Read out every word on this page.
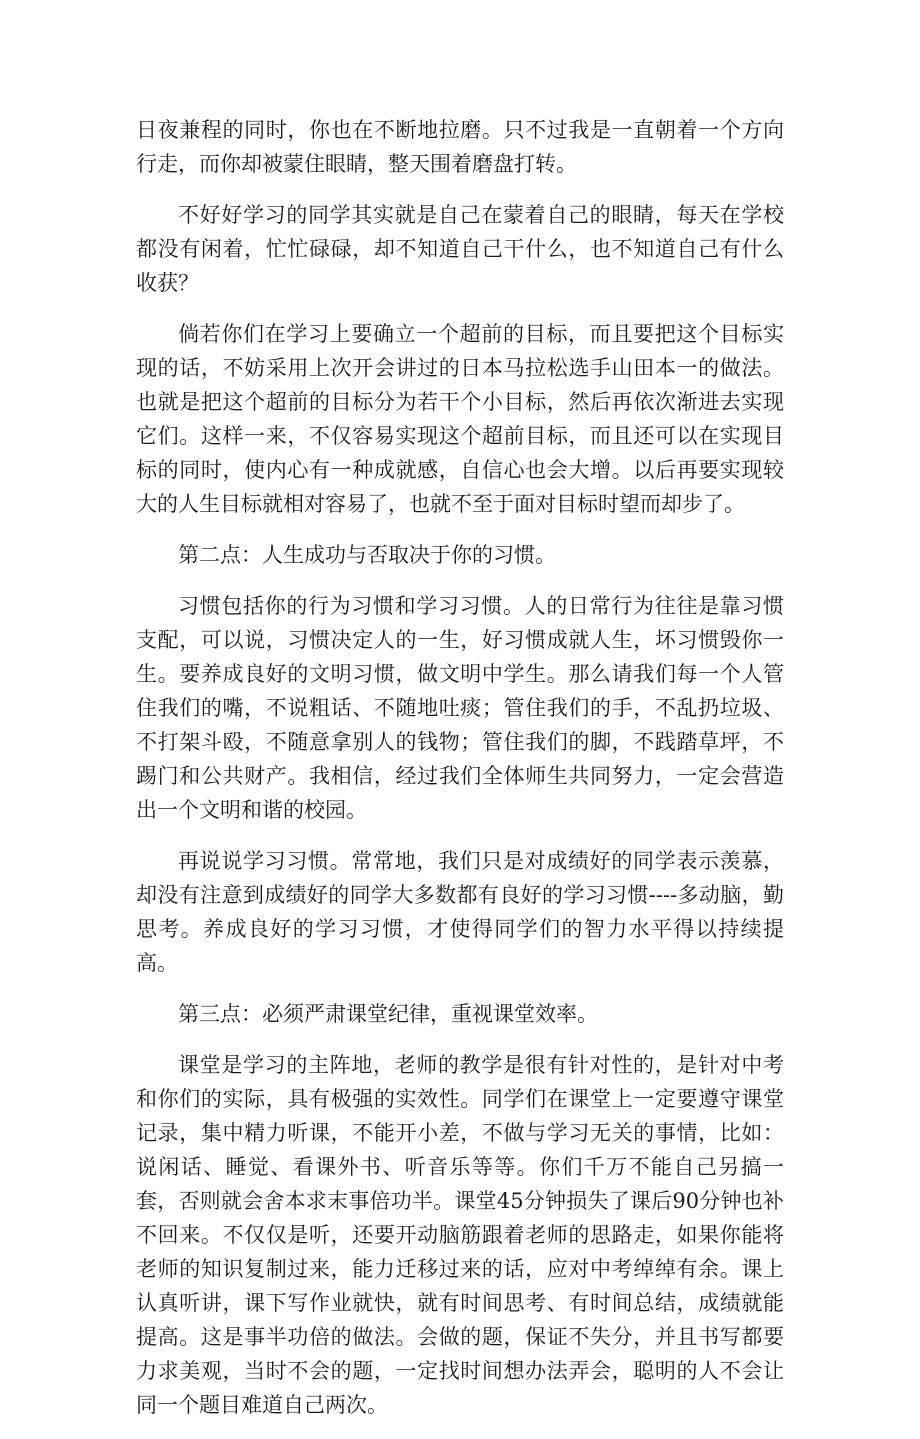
日夜兼程的同时，你也在不断地拉磨。只不过我是一直朝着一个方向行走，而你却被蒙住眼睛，整天围着磨盘打转。

不好好学习的同学其实就是自己在蒙着自己的眼睛，每天在学校都没有闲着，忙忙碌碌，却不知道自己干什么，也不知道自己有什么收获？

倘若你们在学习上要确立一个超前的目标，而且要把这个目标实现的话，不妨采用上次开会讲过的日本马拉松选手山田本一的做法。也就是把这个超前的目标分为若干个小目标，然后再依次渐进去实现它们。这样一来，不仅容易实现这个超前目标，而且还可以在实现目标的同时，使内心有一种成就感，自信心也会大增。以后再要实现较大的人生目标就相对容易了，也就不至于面对目标时望而却步了。

第二点：人生成功与否取决于你的习惯。

习惯包括你的行为习惯和学习习惯。人的日常行为往往是靠习惯支配，可以说，习惯决定人的一生，好习惯成就人生，坏习惯毁你一生。要养成良好的文明习惯，做文明中学生。那么请我们每一个人管住我们的嘴，不说粗话、不随地吐痰；管住我们的手，不乱扔垃圾、不打架斗殴，不随意拿别人的钱物；管住我们的脚，不践踏草坪，不踢门和公共财产。我相信，经过我们全体师生共同努力，一定会营造出一个文明和谐的校园。

再说说学习习惯。常常地，我们只是对成绩好的同学表示羡慕，却没有注意到成绩好的同学大多数都有良好的学习习惯----多动脑，勤思考。养成良好的学习习惯，才使得同学们的智力水平得以持续提高。

第三点：必须严肃课堂纪律，重视课堂效率。

课堂是学习的主阵地，老师的教学是很有针对性的，是针对中考和你们的实际，具有极强的实效性。同学们在课堂上一定要遵守课堂记录，集中精力听课，不能开小差，不做与学习无关的事情，比如：说闲话、睡觉、看课外书、听音乐等等。你们千万不能自己另搞一套，否则就会舍本求末事倍功半。课堂45分钟损失了课后90分钟也补不回来。不仅仅是听，还要开动脑筋跟着老师的思路走，如果你能将老师的知识复制过来，能力迁移过来的话，应对中考绰绰有余。课上认真听讲，课下写作业就快，就有时间思考、有时间总结，成绩就能提高。这是事半功倍的做法。会做的题，保证不失分，并且书写都要力求美观，当时不会的题，一定找时间想办法弄会，聪明的人不会让同一个题目难道自己两次。
